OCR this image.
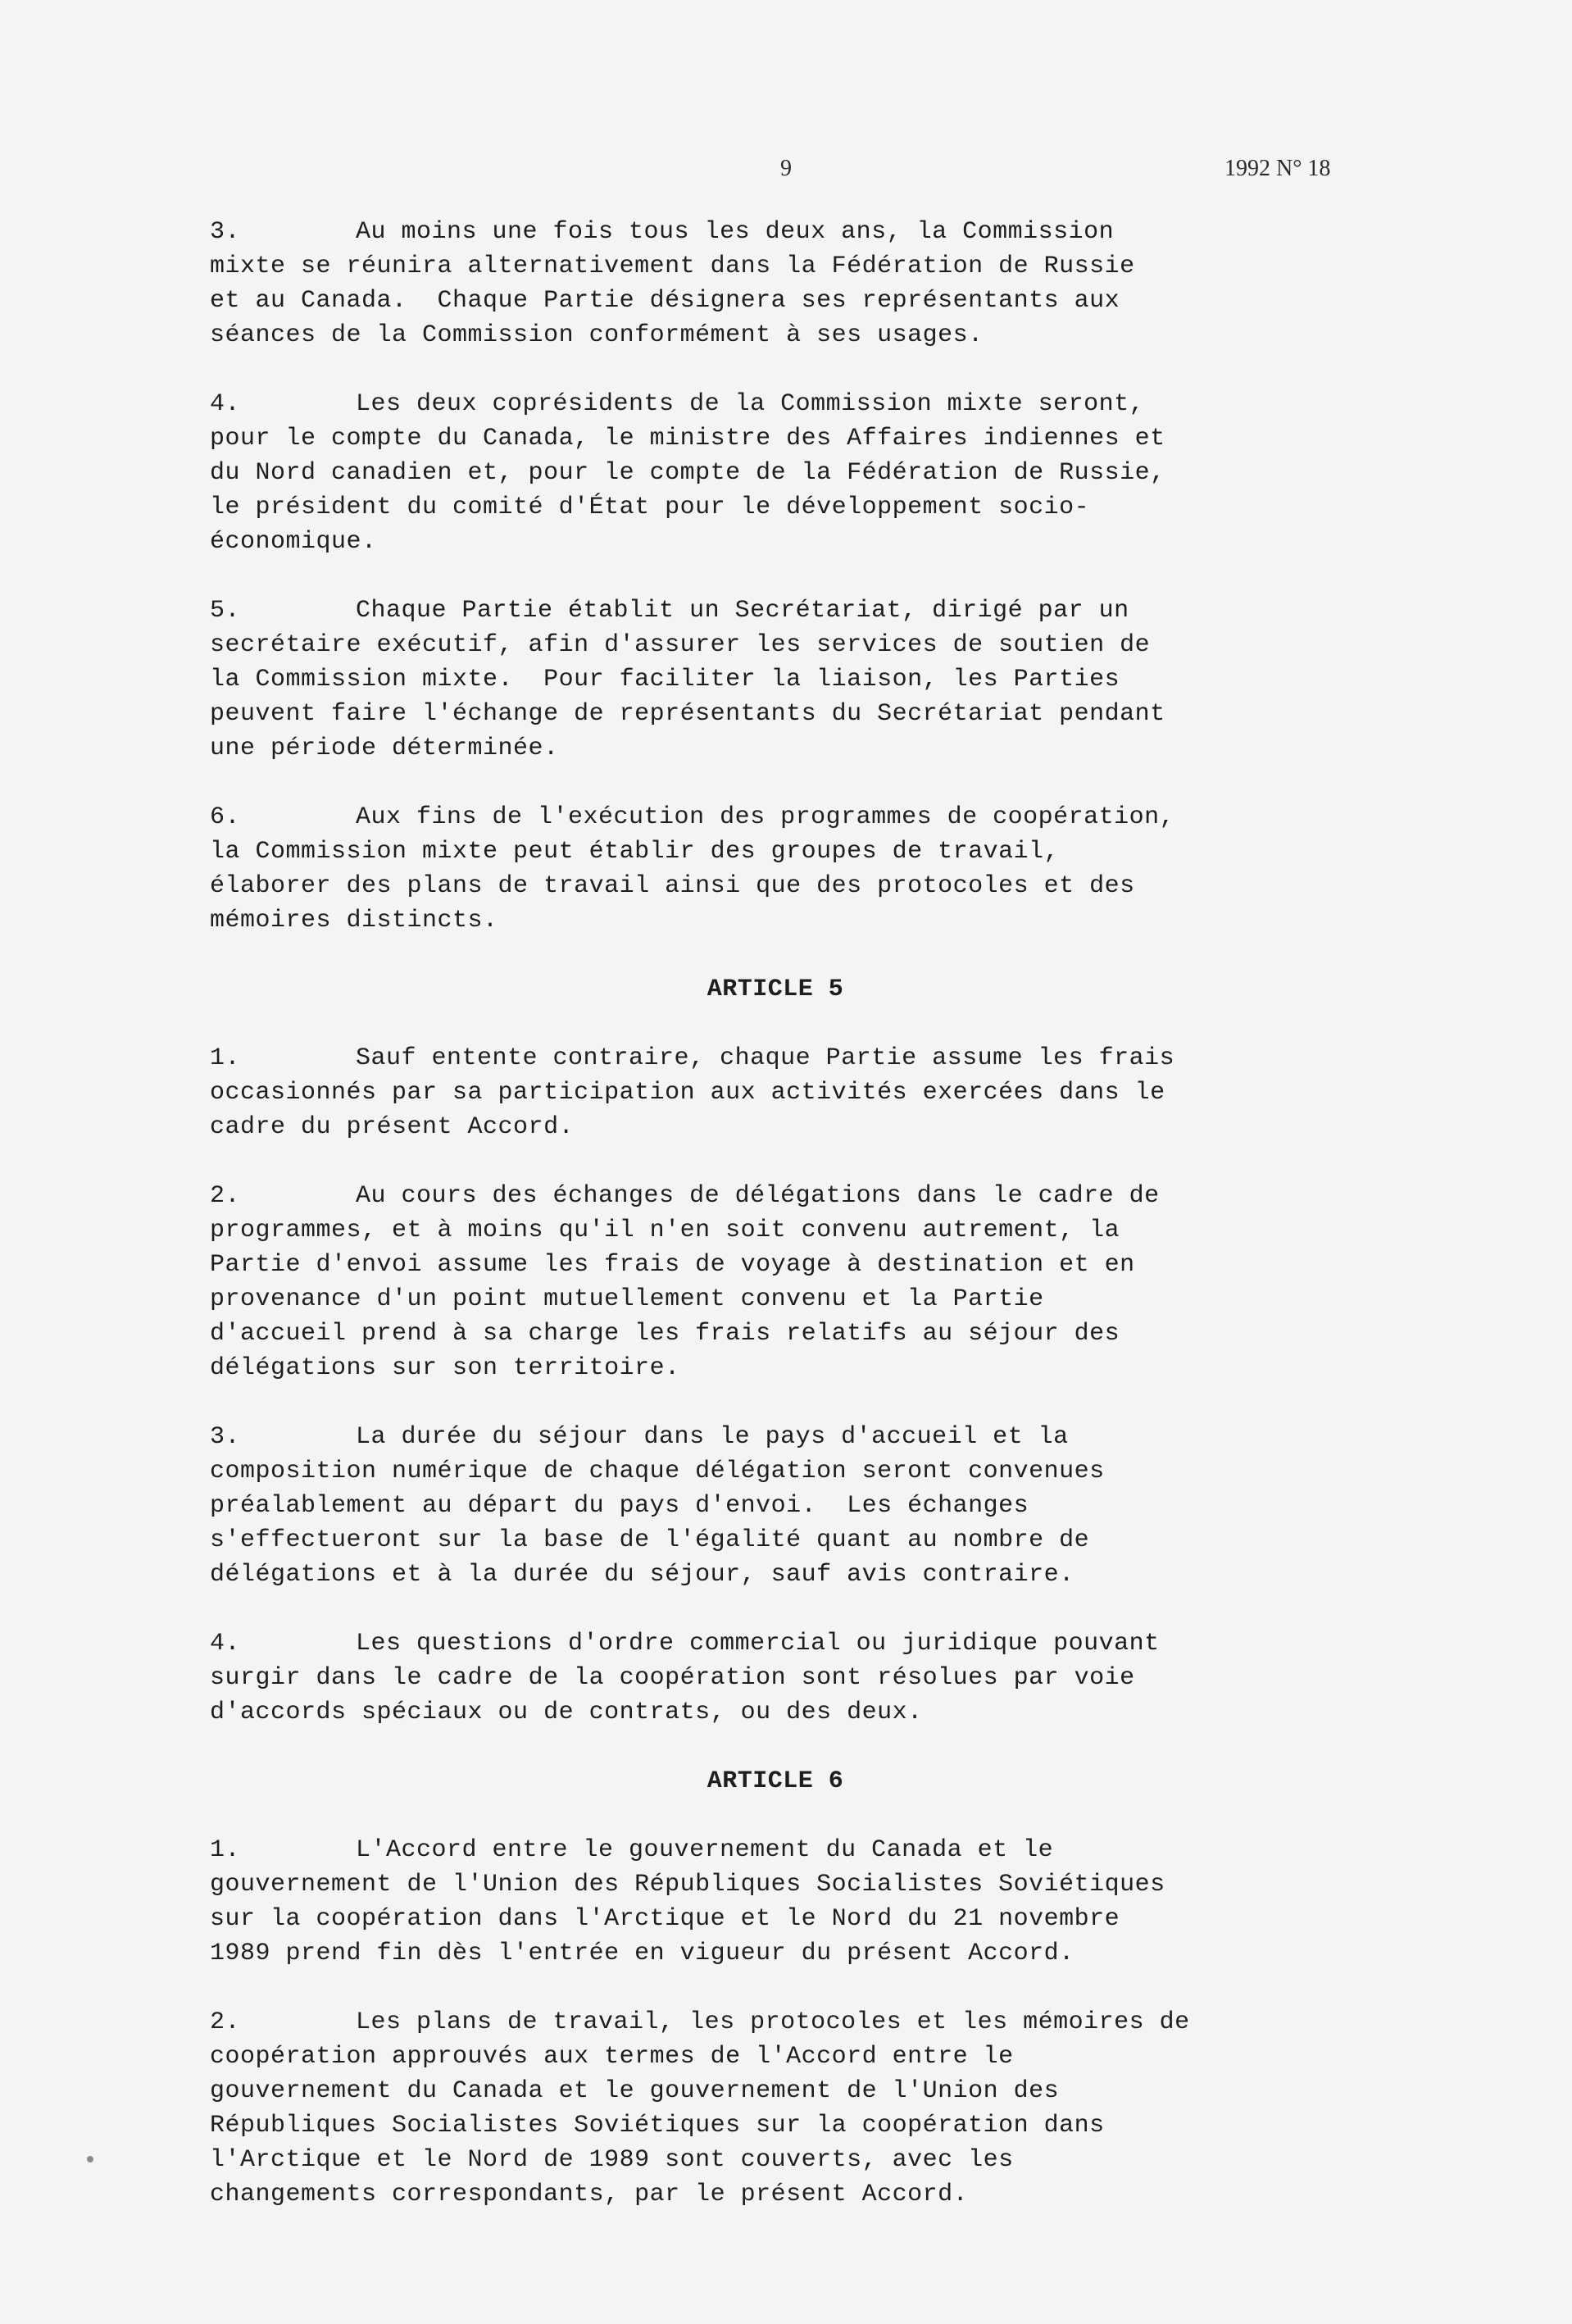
9	1992 N° 18

3.	Au moins une fois tous les deux ans, la Commission
mixte se réunira alternativement dans la Fédération de Russie
et au Canada.  Chaque Partie désignera ses représentants aux
séances de la Commission conformément à ses usages.

4.	Les deux coprésidents de la Commission mixte seront,
pour le compte du Canada, le ministre des Affaires indiennes et
du Nord canadien et, pour le compte de la Fédération de Russie,
le président du comité d'État pour le développement socio-
économique.

5.	Chaque Partie établit un Secrétariat, dirigé par un
secrétaire exécutif, afin d'assurer les services de soutien de
la Commission mixte.  Pour faciliter la liaison, les Parties
peuvent faire l'échange de représentants du Secrétariat pendant
une période déterminée.

6.	Aux fins de l'exécution des programmes de coopération,
la Commission mixte peut établir des groupes de travail,
élaborer des plans de travail ainsi que des protocoles et des
mémoires distincts.

ARTICLE 5

1.	Sauf entente contraire, chaque Partie assume les frais
occasionnés par sa participation aux activités exercées dans le
cadre du présent Accord.

2.	Au cours des échanges de délégations dans le cadre de
programmes, et à moins qu'il n'en soit convenu autrement, la
Partie d'envoi assume les frais de voyage à destination et en
provenance d'un point mutuellement convenu et la Partie
d'accueil prend à sa charge les frais relatifs au séjour des
délégations sur son territoire.

3.	La durée du séjour dans le pays d'accueil et la
composition numérique de chaque délégation seront convenues
préalablement au départ du pays d'envoi.  Les échanges
s'effectueront sur la base de l'égalité quant au nombre de
délégations et à la durée du séjour, sauf avis contraire.

4.	Les questions d'ordre commercial ou juridique pouvant
surgir dans le cadre de la coopération sont résolues par voie
d'accords spéciaux ou de contrats, ou des deux.

ARTICLE 6

1.	L'Accord entre le gouvernement du Canada et le
gouvernement de l'Union des Républiques Socialistes Soviétiques
sur la coopération dans l'Arctique et le Nord du 21 novembre
1989 prend fin dès l'entrée en vigueur du présent Accord.

2.	Les plans de travail, les protocoles et les mémoires de
coopération approuvés aux termes de l'Accord entre le
gouvernement du Canada et le gouvernement de l'Union des
Républiques Socialistes Soviétiques sur la coopération dans
l'Arctique et le Nord de 1989 sont couverts, avec les
changements correspondants, par le présent Accord.
